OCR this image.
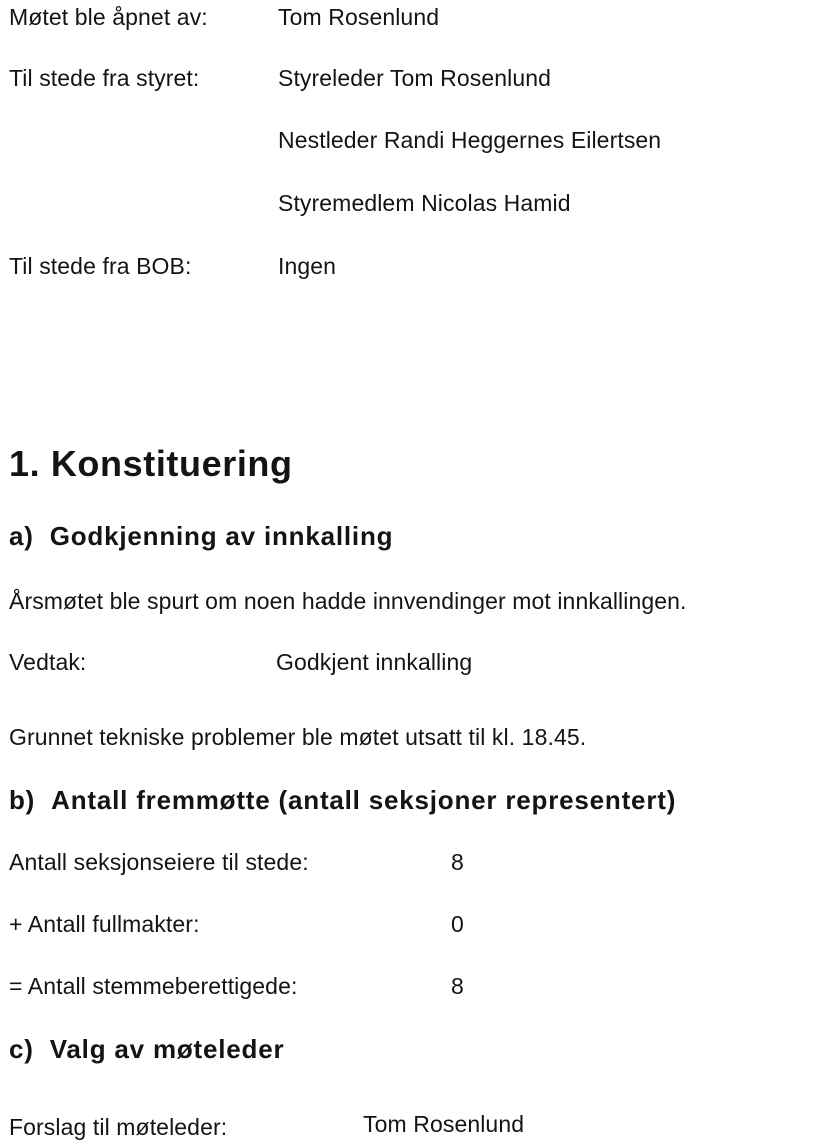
Møtet ble åpnet av:	Tom Rosenlund
Til stede fra styret:	Styreleder Tom Rosenlund
Nestleder Randi Heggernes Eilertsen
Styremedlem Nicolas Hamid
Til stede fra BOB:	Ingen
1. Konstituering
a) Godkjenning av innkalling
Årsmøtet ble spurt om noen hadde innvendinger mot innkallingen.
Vedtak:	Godkjent innkalling
Grunnet tekniske problemer ble møtet utsatt til kl. 18.45.
b) Antall fremmøtte (antall seksjoner representert)
Antall seksjonseiere til stede:	8
+ Antall fullmakter:	0
= Antall stemmeberettigede:	8
c) Valg av møteleder
Forslag til møteleder:	Tom Rosenlund
